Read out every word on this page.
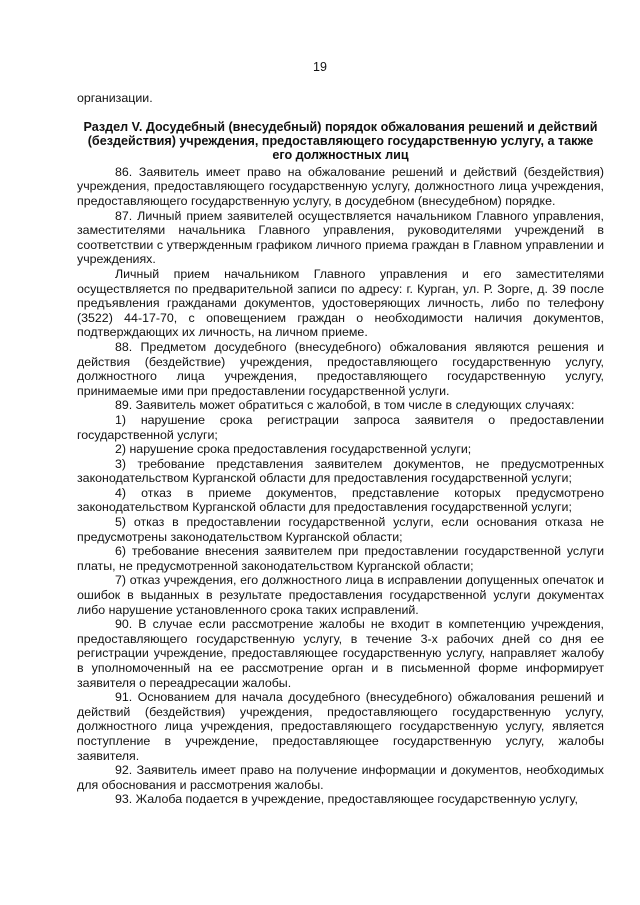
19

организации.

Раздел V. Досудебный (внесудебный) порядок обжалования решений и действий (бездействия) учреждения, предоставляющего государственную услугу, а также его должностных лиц

86. Заявитель имеет право на обжалование решений и действий (бездействия) учреждения, предоставляющего государственную услугу, должностного лица учреждения, предоставляющего государственную услугу, в досудебном (внесудебном) порядке.

87. Личный прием заявителей осуществляется начальником Главного управления, заместителями начальника Главного управления, руководителями учреждений в соответствии с утвержденным графиком личного приема граждан в Главном управлении и учреждениях.

Личный прием начальником Главного управления и его заместителями осуществляется по предварительной записи по адресу: г. Курган, ул. Р. Зорге, д. 39 после предъявления гражданами документов, удостоверяющих личность, либо по телефону (3522) 44-17-70, с оповещением граждан о необходимости наличия документов, подтверждающих их личность, на личном приеме.

88. Предметом досудебного (внесудебного) обжалования являются решения и действия (бездействие) учреждения, предоставляющего государственную услугу, должностного лица учреждения, предоставляющего государственную услугу, принимаемые ими при предоставлении государственной услуги.

89. Заявитель может обратиться с жалобой, в том числе в следующих случаях:

1) нарушение срока регистрации запроса заявителя о предоставлении государственной услуги;

2) нарушение срока предоставления государственной услуги;

3) требование представления заявителем документов, не предусмотренных законодательством Курганской области для предоставления государственной услуги;

4) отказ в приеме документов, представление которых предусмотрено законодательством Курганской области для предоставления государственной услуги;

5) отказ в предоставлении государственной услуги, если основания отказа не предусмотрены законодательством Курганской области;

6) требование внесения заявителем при предоставлении государственной услуги платы, не предусмотренной законодательством Курганской области;

7) отказ учреждения, его должностного лица в исправлении допущенных опечаток и ошибок в выданных в результате предоставления государственной услуги документах либо нарушение установленного срока таких исправлений.

90. В случае если рассмотрение жалобы не входит в компетенцию учреждения, предоставляющего государственную услугу, в течение 3-х рабочих дней со дня ее регистрации учреждение, предоставляющее государственную услугу, направляет жалобу в уполномоченный на ее рассмотрение орган и в письменной форме информирует заявителя о переадресации жалобы.

91. Основанием для начала досудебного (внесудебного) обжалования решений и действий (бездействия) учреждения, предоставляющего государственную услугу, должностного лица учреждения, предоставляющего государственную услугу, является поступление в учреждение, предоставляющее государственную услугу, жалобы заявителя.

92. Заявитель имеет право на получение информации и документов, необходимых для обоснования и рассмотрения жалобы.

93. Жалоба подается в учреждение, предоставляющее государственную услугу,
